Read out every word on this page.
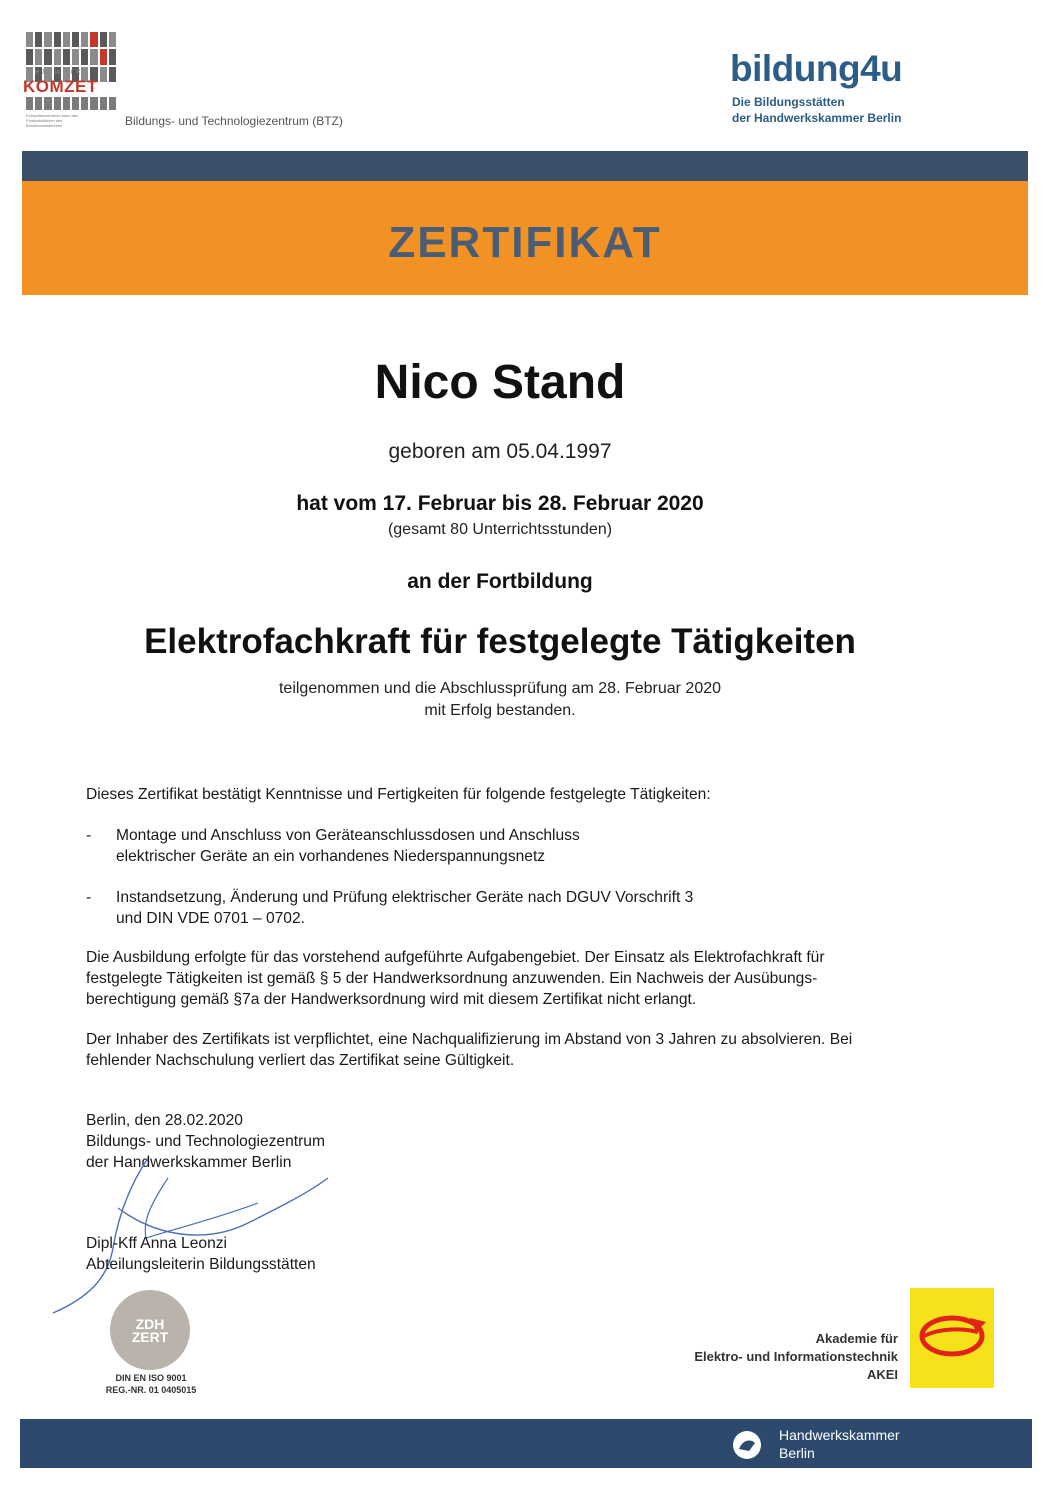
Netzwerk
KOMZET
Kompetenzzentrum nach den Förderrichtlinien des Bundesministeriums	Bildungs- und Technologiezentrum (BTZ)
bildung4u
Die Bildungsstätten
der Handwerkskammer Berlin
ZERTIFIKAT
Nico Stand
geboren am 05.04.1997
hat vom 17. Februar bis 28. Februar 2020
(gesamt 80 Unterrichtsstunden)
an der Fortbildung
Elektrofachkraft für festgelegte Tätigkeiten
teilgenommen und die Abschlussprüfung am 28. Februar 2020
mit Erfolg bestanden.
Dieses Zertifikat bestätigt Kenntnisse und Fertigkeiten für folgende festgelegte Tätigkeiten:
- Montage und Anschluss von Geräteanschlussdosen und Anschluss
elektrischer Geräte an ein vorhandenes Niederspannungsnetz
- Instandsetzung, Änderung und Prüfung elektrischer Geräte nach DGUV Vorschrift 3
und DIN VDE 0701 – 0702.
Die Ausbildung erfolgte für das vorstehend aufgeführte Aufgabengebiet. Der Einsatz als Elektrofachkraft für
festgelegte Tätigkeiten ist gemäß § 5 der Handwerksordnung anzuwenden. Ein Nachweis der Ausübungs-
berechtigung gemäß §7a der Handwerksordnung wird mit diesem Zertifikat nicht erlangt.
Der Inhaber des Zertifikats ist verpflichtet, eine Nachqualifizierung im Abstand von 3 Jahren zu absolvieren. Bei
fehlender Nachschulung verliert das Zertifikat seine Gültigkeit.
Berlin, den 28.02.2020
Bildungs- und Technologiezentrum
der Handwerkskammer Berlin
Dipl-Kff Anna Leonzi
Abteilungsleiterin Bildungsstätten
ZDH
ZERT
DIN EN ISO 9001
REG.-NR. 01 0405015
Akademie für
Elektro- und Informationstechnik
AKEI
Handwerkskammer
Berlin
